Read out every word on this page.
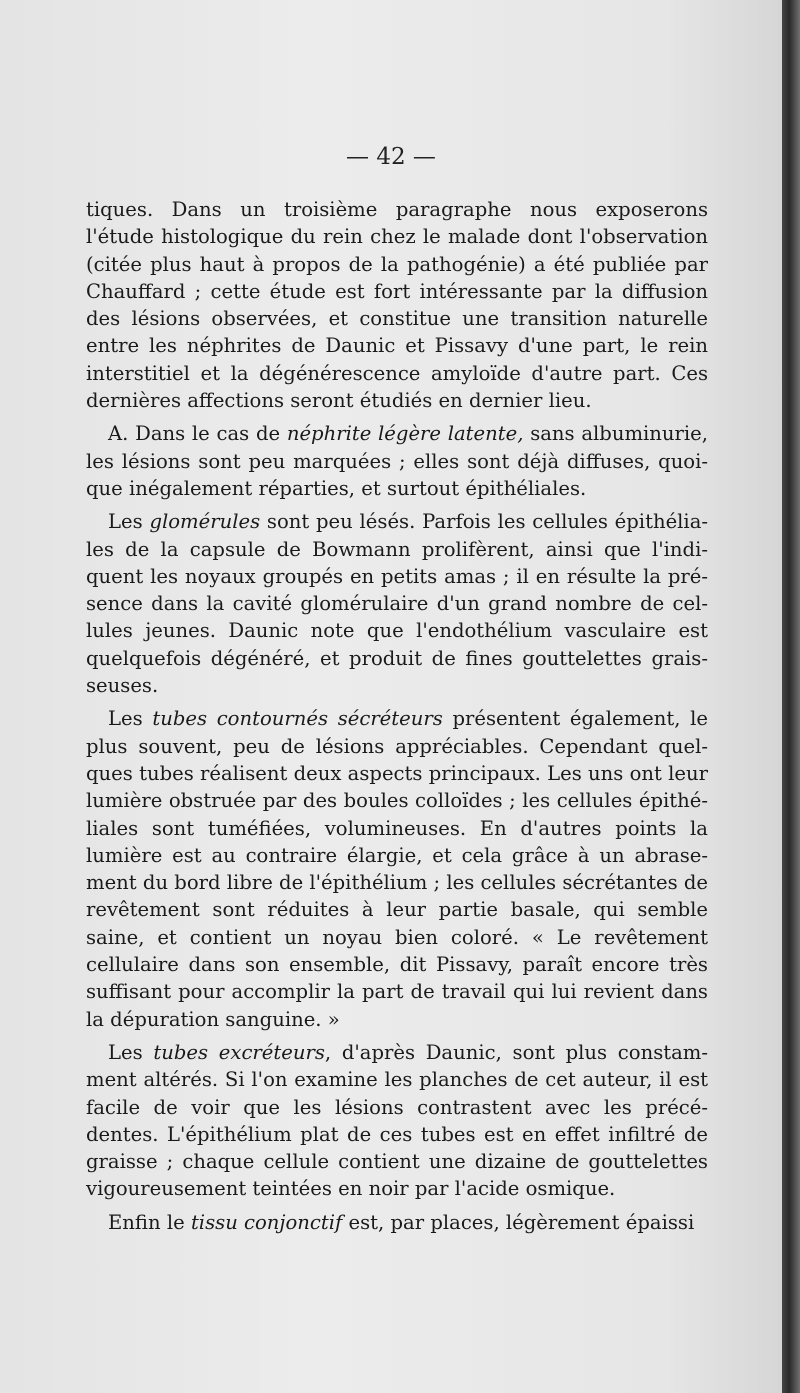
— 42 —

tiques. Dans un troisième paragraphe nous exposerons l'étude histologique du rein chez le malade dont l'observation (citée plus haut à propos de la pathogénie) a été publiée par Chauffard ; cette étude est fort intéressante par la diffusion des lésions observées, et constitue une transition naturelle entre les néphrites de Daunic et Pissavy d'une part, le rein interstitiel et la dégénérescence amyloïde d'autre part. Ces dernières affections seront étudiés en dernier lieu.

A. Dans le cas de néphrite légère latente, sans albuminurie, les lésions sont peu marquées ; elles sont déjà diffuses, quoique inégalement réparties, et surtout épithéliales.

Les glomérules sont peu lésés. Parfois les cellules épithéliales de la capsule de Bowmann prolifèrent, ainsi que l'indiquent les noyaux groupés en petits amas ; il en résulte la présence dans la cavité glomérulaire d'un grand nombre de cellules jeunes. Daunic note que l'endothélium vasculaire est quelquefois dégénéré, et produit de fines gouttelettes graisseuses.

Les tubes contournés sécréteurs présentent également, le plus souvent, peu de lésions appréciables. Cependant quelques tubes réalisent deux aspects principaux. Les uns ont leur lumière obstruée par des boules colloïdes ; les cellules épithéliales sont tuméfiées, volumineuses. En d'autres points la lumière est au contraire élargie, et cela grâce à un abrasement du bord libre de l'épithélium ; les cellules sécrétantes de revêtement sont réduites à leur partie basale, qui semble saine, et contient un noyau bien coloré. « Le revêtement cellulaire dans son ensemble, dit Pissavy, paraît encore très suffisant pour accomplir la part de travail qui lui revient dans la dépuration sanguine. »

Les tubes excréteurs, d'après Daunic, sont plus constamment altérés. Si l'on examine les planches de cet auteur, il est facile de voir que les lésions contrastent avec les précédentes. L'épithélium plat de ces tubes est en effet infiltré de graisse ; chaque cellule contient une dizaine de gouttelettes vigoureusement teintées en noir par l'acide osmique.

Enfin le tissu conjonctif est, par places, légèrement épaissi
